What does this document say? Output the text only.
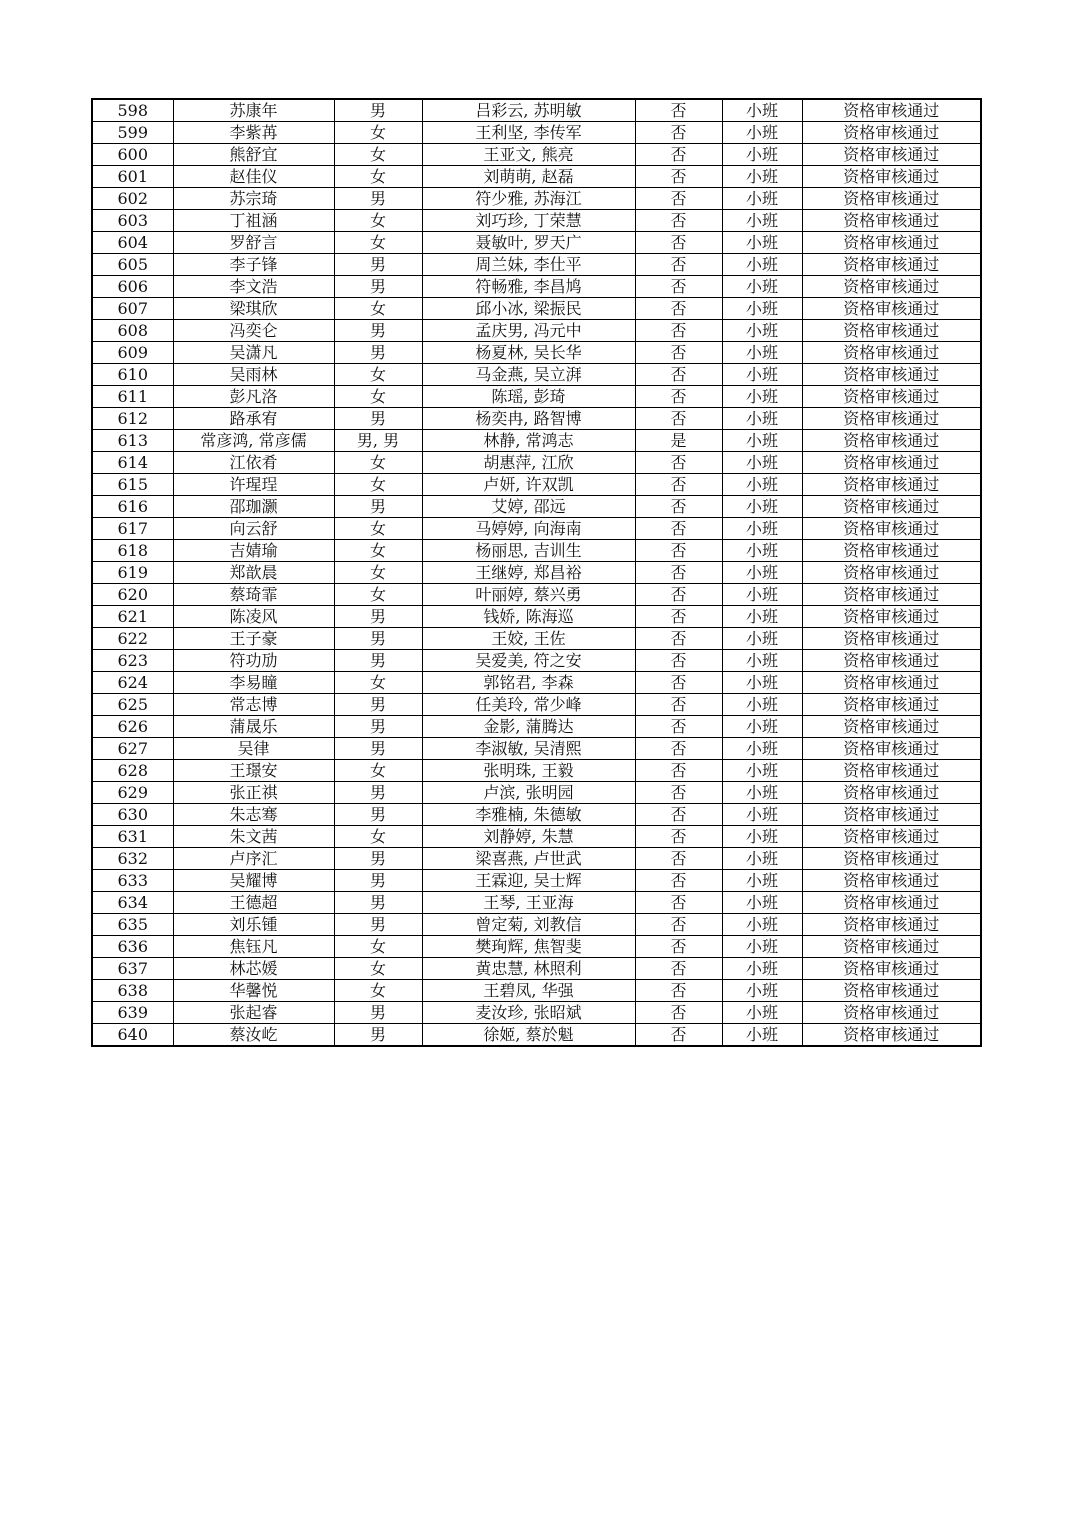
598	苏康年	男	吕彩云, 苏明敏	否	小班	资格审核通过
599	李紫苒	女	王利坚, 李传军	否	小班	资格审核通过
600	熊舒宜	女	王亚文, 熊亮	否	小班	资格审核通过
601	赵佳仪	女	刘萌萌, 赵磊	否	小班	资格审核通过
602	苏宗琦	男	符少雅, 苏海江	否	小班	资格审核通过
603	丁祖涵	女	刘巧珍, 丁荣慧	否	小班	资格审核通过
604	罗舒言	女	聂敏叶, 罗天广	否	小班	资格审核通过
605	李子锋	男	周兰妹, 李仕平	否	小班	资格审核通过
606	李文浩	男	符畅雅, 李昌鸠	否	小班	资格审核通过
607	梁琪欣	女	邱小冰, 梁振民	否	小班	资格审核通过
608	冯奕仑	男	孟庆男, 冯元中	否	小班	资格审核通过
609	吴潇凡	男	杨夏林, 吴长华	否	小班	资格审核通过
610	吴雨林	女	马金燕, 吴立湃	否	小班	资格审核通过
611	彭凡洛	女	陈瑶, 彭琦	否	小班	资格审核通过
612	路承宥	男	杨奕冉, 路智博	否	小班	资格审核通过
613	常彦鸿, 常彦儒	男, 男	林静, 常鸿志	是	小班	资格审核通过
614	江依肴	女	胡惠萍, 江欣	否	小班	资格审核通过
615	许瑆珵	女	卢妍, 许双凯	否	小班	资格审核通过
616	邵珈灏	男	艾婷, 邵远	否	小班	资格审核通过
617	向云舒	女	马婷婷, 向海南	否	小班	资格审核通过
618	吉婧瑜	女	杨丽思, 吉训生	否	小班	资格审核通过
619	郑歆晨	女	王继婷, 郑昌裕	否	小班	资格审核通过
620	蔡琦霏	女	叶丽婷, 蔡兴勇	否	小班	资格审核通过
621	陈凌风	男	钱娇, 陈海巡	否	小班	资格审核通过
622	王子豪	男	王姣, 王佐	否	小班	资格审核通过
623	符功劢	男	吴爱美, 符之安	否	小班	资格审核通过
624	李易瞳	女	郭铭君, 李森	否	小班	资格审核通过
625	常志博	男	任美玲, 常少峰	否	小班	资格审核通过
626	蒲晟乐	男	金影, 蒲腾达	否	小班	资格审核通过
627	吴律	男	李淑敏, 吴清熙	否	小班	资格审核通过
628	王璟安	女	张明珠, 王毅	否	小班	资格审核通过
629	张正祺	男	卢滨, 张明园	否	小班	资格审核通过
630	朱志骞	男	李雅楠, 朱德敏	否	小班	资格审核通过
631	朱文茜	女	刘静婷, 朱慧	否	小班	资格审核通过
632	卢序汇	男	梁喜燕, 卢世武	否	小班	资格审核通过
633	吴耀博	男	王霖迎, 吴士辉	否	小班	资格审核通过
634	王德超	男	王琴, 王亚海	否	小班	资格审核通过
635	刘乐锺	男	曾定菊, 刘教信	否	小班	资格审核通过
636	焦钰凡	女	樊珣辉, 焦智斐	否	小班	资格审核通过
637	林芯媛	女	黄忠慧, 林照利	否	小班	资格审核通过
638	华馨悦	女	王碧凤, 华强	否	小班	资格审核通过
639	张起睿	男	麦汝珍, 张昭斌	否	小班	资格审核通过
640	蔡汝屹	男	徐姬, 蔡於魁	否	小班	资格审核通过
